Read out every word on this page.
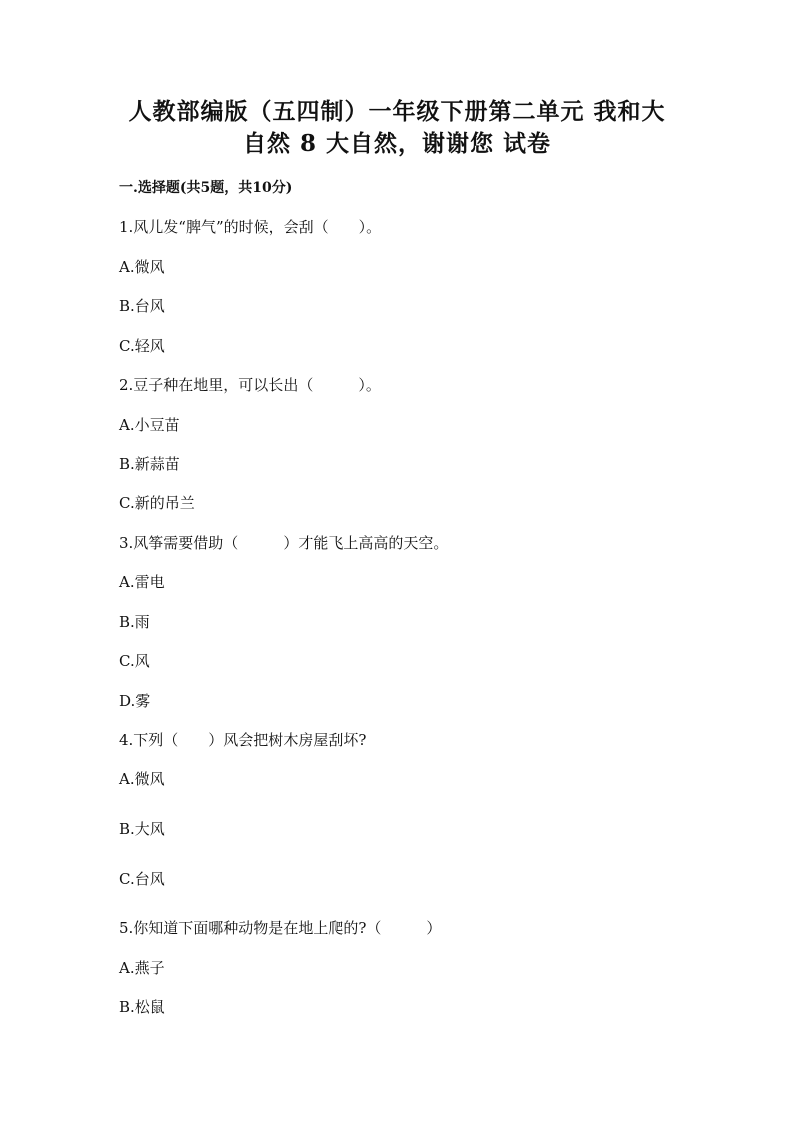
人教部编版（五四制）一年级下册第二单元 我和大
自然 8 大自然，谢谢您 试卷
一.选择题(共5题，共10分)
1.风儿发“脾气”的时候，会刮（　　）。
A.微风
B.台风
C.轻风
2.豆子种在地里，可以长出（　　　）。
A.小豆苗
B.新蒜苗
C.新的吊兰
3.风筝需要借助（　　　）才能飞上高高的天空。
A.雷电
B.雨
C.风
D.雾
4.下列（　　）风会把树木房屋刮坏?
A.微风
B.大风
C.台风
5.你知道下面哪种动物是在地上爬的?（　　　）
A.燕子
B.松鼠
